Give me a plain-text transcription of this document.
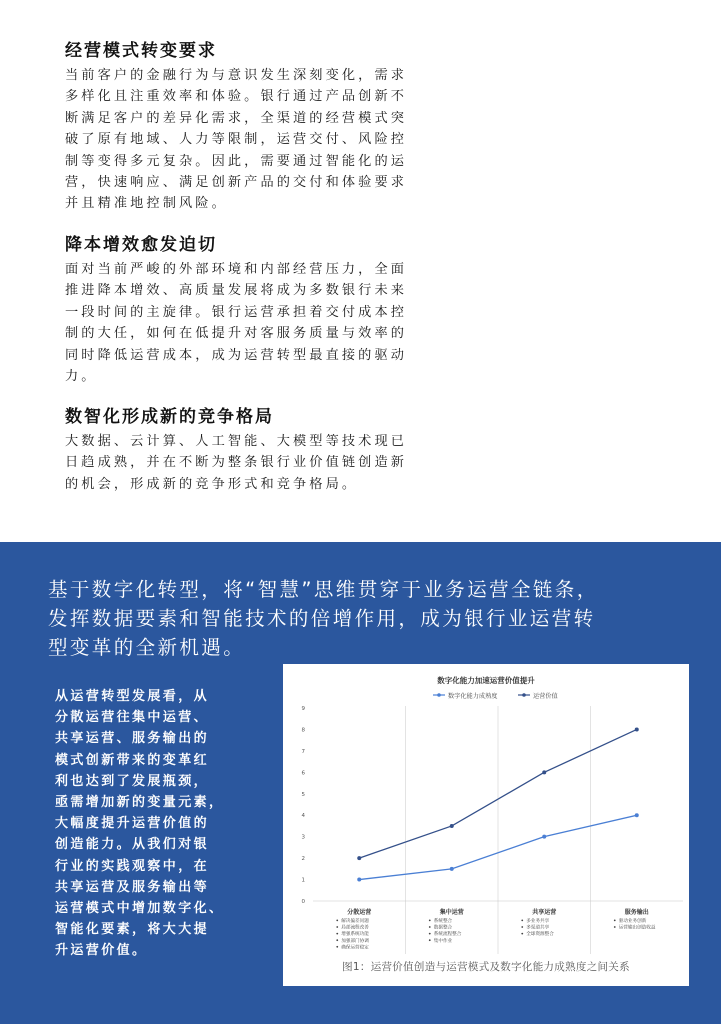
经营模式转变要求
当前客户的金融行为与意识发生深刻变化，需求
多样化且注重效率和体验。银行通过产品创新不
断满足客户的差异化需求，全渠道的经营模式突
破了原有地域、人力等限制，运营交付、风险控
制等变得多元复杂。因此，需要通过智能化的运
营，快速响应、满足创新产品的交付和体验要求
并且精准地控制风险。
降本增效愈发迫切
面对当前严峻的外部环境和内部经营压力，全面
推进降本增效、高质量发展将成为多数银行未来
一段时间的主旋律。银行运营承担着交付成本控
制的大任，如何在低提升对客服务质量与效率的
同时降低运营成本，成为运营转型最直接的驱动
力。
数智化形成新的竞争格局
大数据、云计算、人工智能、大模型等技术现已
日趋成熟，并在不断为整条银行业价值链创造新
的机会，形成新的竞争形式和竞争格局。
基于数字化转型，将“智慧”思维贯穿于业务运营全链条，
发挥数据要素和智能技术的倍增作用，成为银行业运营转
型变革的全新机遇。
从运营转型发展看，从
分散运营往集中运营、
共享运营、服务输出的
模式创新带来的变革红
利也达到了发展瓶颈，
亟需增加新的变量元素，
大幅度提升运营价值的
创造能力。从我们对银
行业的实践观察中，在
共享运营及服务输出等
运营模式中增加数字化、
智能化要素，将大大提
升运营价值。
数字化能力加速运营价值提升
数字化能力成熟度	运营价值
0
1
2
3
4
5
6
7
8
9
分散运营
解决偏差问题
局部流程改善
增强系统功能
加强部门协调
确保运营稳定
集中运营
系统整合
数据整合
系统流程整合
集中作业
共享运营
多业务共享
多渠道共享
全球资源整合
服务输出
驱动业务创新
运营输出创造收益
图1：运营价值创造与运营模式及数字化能力成熟度之间关系
